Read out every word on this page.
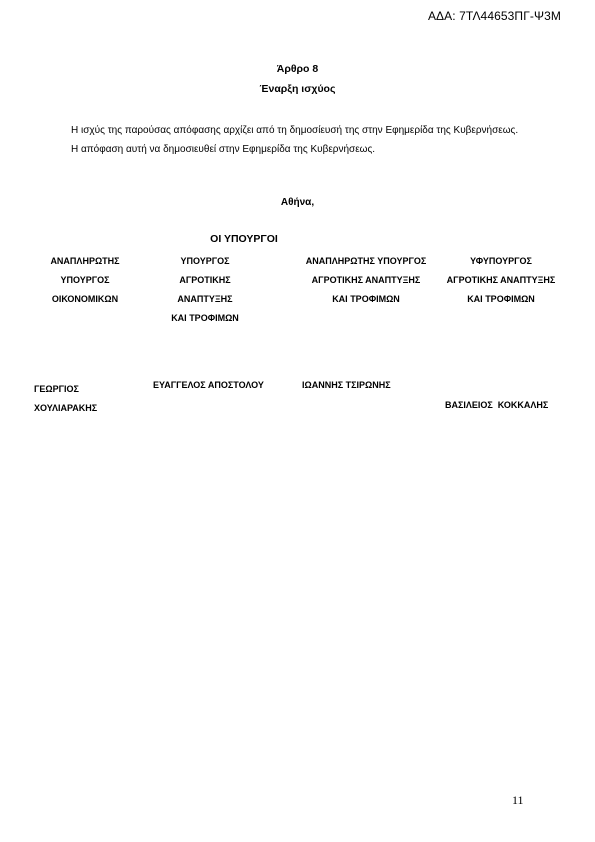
ΑΔΑ: 7ΤΛ44653ΠΓ-Ψ3Μ
Άρθρο 8
Έναρξη ισχύος

Η ισχύς της παρούσας απόφασης αρχίζει από τη δημοσίευσή της στην Εφημερίδα της Κυβερνήσεως.

Η απόφαση αυτή να δημοσιευθεί στην Εφημερίδα της Κυβερνήσεως.

Αθήνα,
ΟΙ ΥΠΟΥΡΓΟΙ
ΑΝΑΠΛΗΡΩΤΗΣ
ΥΠΟΥΡΓΟΣ
ΟΙΚΟΝΟΜΙΚΩΝ
ΥΠΟΥΡΓΟΣ
ΑΓΡΟΤΙΚΗΣ
ΑΝΑΠΤΥΞΗΣ
ΚΑΙ ΤΡΟΦΙΜΩΝ
ΑΝΑΠΛΗΡΩΤΗΣ ΥΠΟΥΡΓΟΣ
ΑΓΡΟΤΙΚΗΣ ΑΝΑΠΤΥΞΗΣ
ΚΑΙ ΤΡΟΦΙΜΩΝ
ΥΦΥΠΟΥΡΓΟΣ
ΑΓΡΟΤΙΚΗΣ ΑΝΑΠΤΥΞΗΣ
ΚΑΙ ΤΡΟΦΙΜΩΝ
ΓΕΩΡΓΙΟΣ
ΧΟΥΛΙΑΡΑΚΗΣ
ΕΥΑΓΓΕΛΟΣ ΑΠΟΣΤΟΛΟΥ	ΙΩΑΝΝΗΣ ΤΣΙΡΩΝΗΣ

ΒΑΣΙΛΕΙΟΣ  ΚΟΚΚΑΛΗΣ

11
